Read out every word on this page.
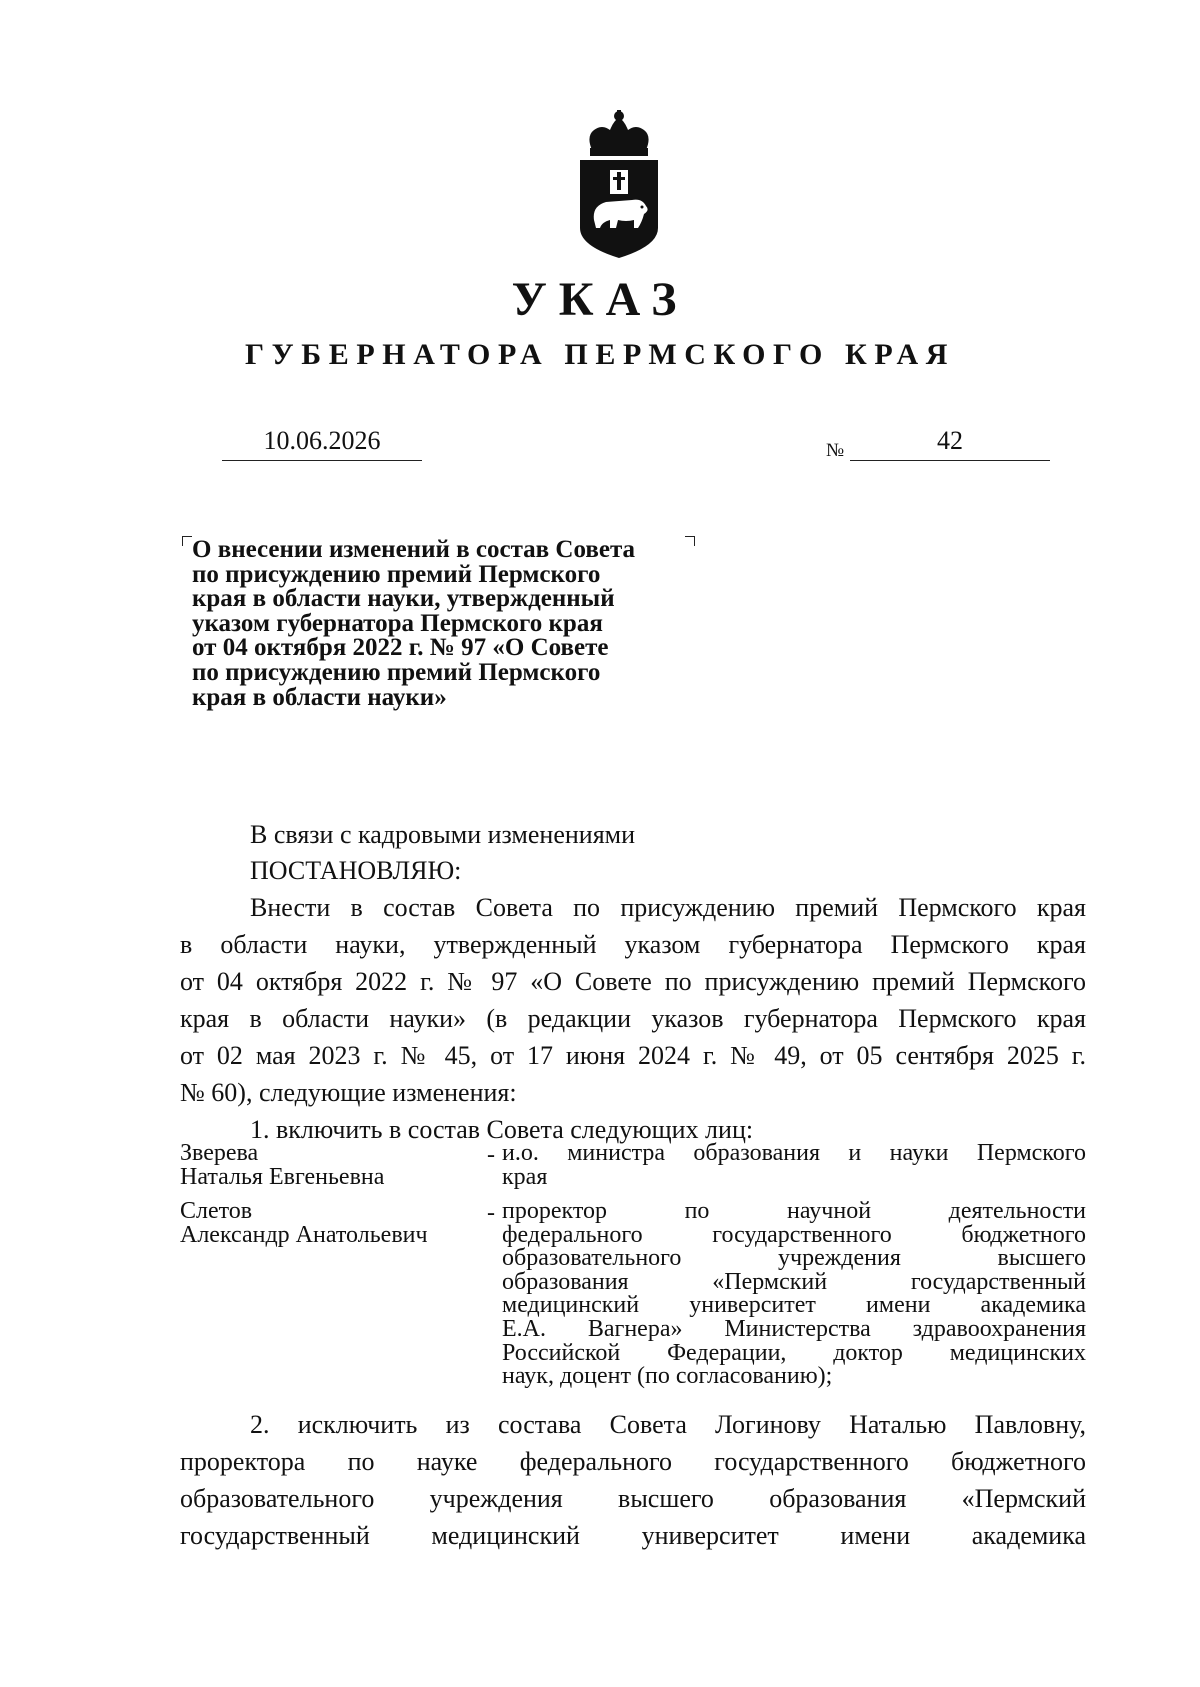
УКАЗ
ГУБЕРНАТОРА ПЕРМСКОГО КРАЯ
10.06.2026	№	42
О внесении изменений в состав Совета
по присуждению премий Пермского
края в области науки, утвержденный
указом губернатора Пермского края
от 04 октября 2022 г. № 97 «О Совете
по присуждению премий Пермского
края в области науки»
В связи с кадровыми изменениями
ПОСТАНОВЛЯЮ:
Внести в состав Совета по присуждению премий Пермского края
в области науки, утвержденный указом губернатора Пермского края
от 04 октября 2022 г. № 97 «О Совете по присуждению премий Пермского
края в области науки» (в редакции указов губернатора Пермского края
от 02 мая 2023 г. № 45, от 17 июня 2024 г. № 49, от 05 сентября 2025 г.
№ 60), следующие изменения:
1. включить в состав Совета следующих лиц:
Зверева
Наталья Евгеньевна
- и.о. министра образования и науки Пермского
края
Слетов
Александр Анатольевич
- проректор по научной деятельности
федерального государственного бюджетного
образовательного учреждения высшего
образования «Пермский государственный
медицинский университет имени академика
Е.А. Вагнера» Министерства здравоохранения
Российской Федерации, доктор медицинских
наук, доцент (по согласованию);
2. исключить из состава Совета Логинову Наталью Павловну,
проректора по науке федерального государственного бюджетного
образовательного учреждения высшего образования «Пермский
государственный медицинский университет имени академика
